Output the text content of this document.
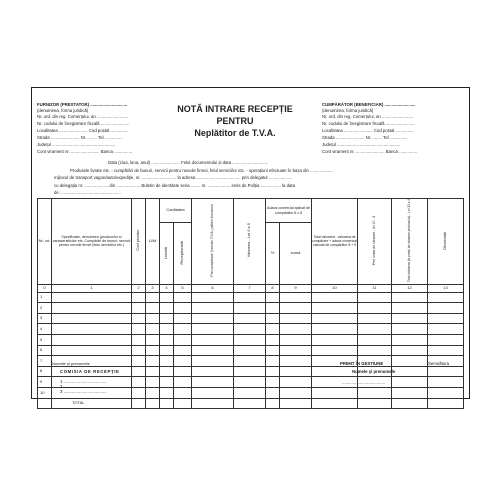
FURNIZOR (PRESTATOR) ...............................
(denumirea, forma juridică)
Nr. ord. din reg. Comerțului, an ..........................
Nr. codului de înregistrare fiscală ........................
Localitatea ........................ Cod poștal ...............
Strada ........................ Nr. ........ Tel. ..............
Județul .....................................................
Cont virament nr. ........................ Banca ...............
NOTĂ INTRARE RECEPȚIE
PENTRU
Neplătitor de T.V.A.
CUMPĂRĂTOR (BENEFICIAR) ..........................
(denumirea, forma juridică)
Nr. ord. din reg. Comerțului, an ..........................
Nr. codului de înregistrare fiscală ........................
Localitatea ........................ Cod poștal ...............
Strada ........................ Nr. ........ Tel. ..............
Județul .....................................................
Cont virament nr. ........................ Banca ...............
Data (ziua, luna, anul) ........................ Felul documentului și data ..............................
Produsele livrate etc. - cumpărări de bunuri, servicii pentru nevoile firmei, felul serviciilor etc. - operațiuni efectuate în baza din ...................
mijlocul de transport vagon/auto/expediție, nr. ............................. la adresa ..................................... prin delegatul ....................
cu delegația nr. .................... din .................... Buletin de identitate seria ........ nr. ................... emis de Poliția ................. la data
de ...................................................
Nr. crt.	Specificație, denumirea (produselor și caracteristicilor etc. Cumpărări de bunuri, servicii pentru nevoile firmei (felul serviciilor etc.)	Cod produs	U/M	Cantitatea		Preț cumpărare (inclusiv T.V.A.) pătitor furnizorul	Valoarea - Lei 6 x 5	Adaos comercial aplicat de cumpărător 6 x 8		Total valoarea - valoarea de cumpărare + adaos comercial calculat de cumpărător 8 + 9	Preț unitar de vânzare - lei 10 : 4	Total valoarea (la prețul de vânzare produsului) - Lei 12 x 4	Observații
				Livrată	Recepționată			%	suma				
0	1	2	3	4	5	6	7	8	9	10	11	12	13
1													
2													
3													
4													
5													
6													
7													
8													
9													
10													
	TOTAL												
Numele și prenumele
COMISIA DE RECEPȚIE
1 ....................................
2 ....................................
3 ....................................
PRIMIT ÎN GESTIUNE	Semnătura
Numele și prenumele
....................................
